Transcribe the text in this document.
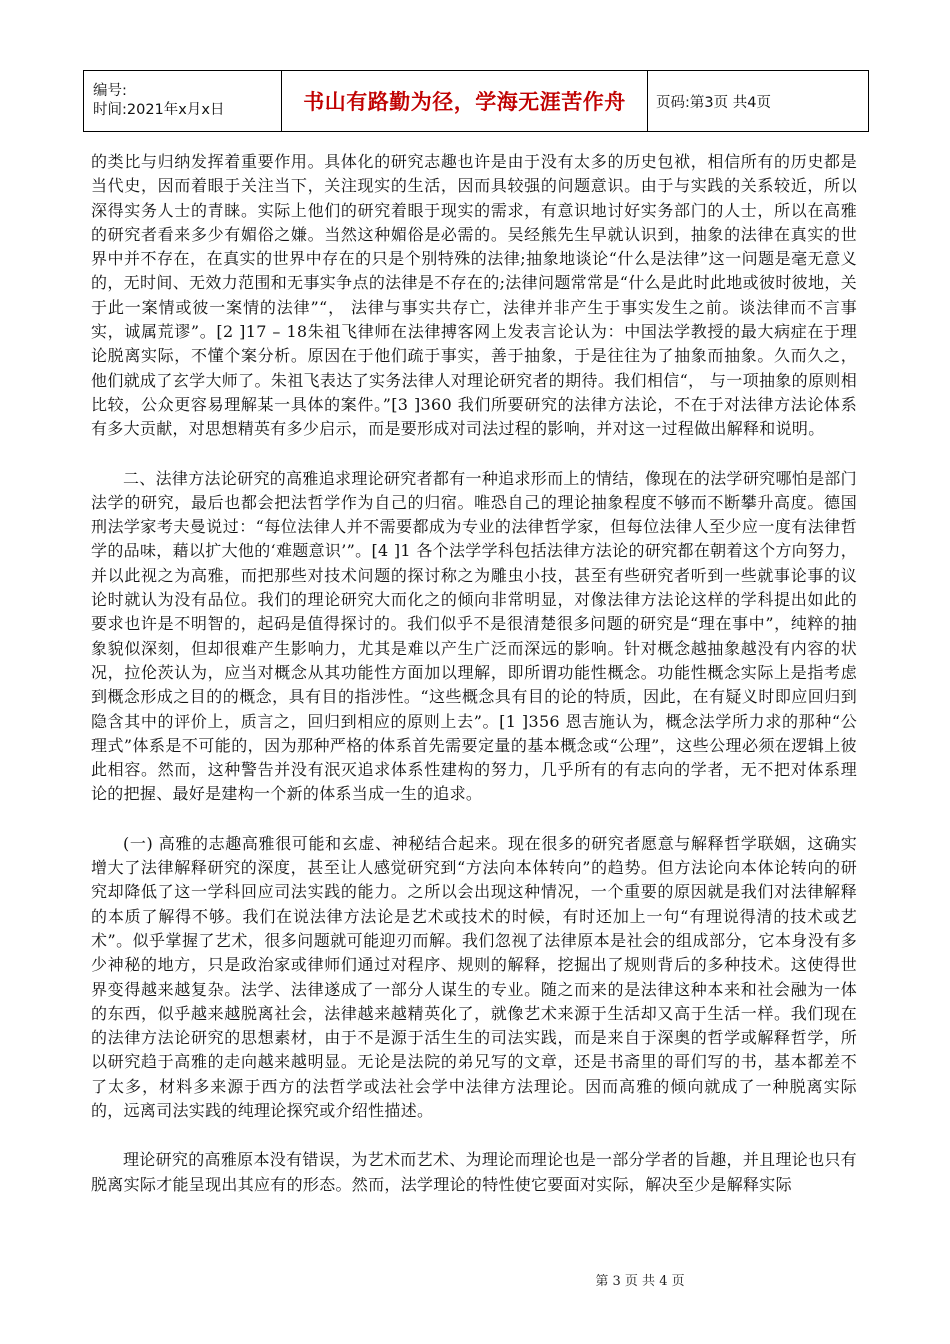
编号:
时间:2021年x月x日	书山有路勤为径，学海无涯苦作舟	页码:第3页 共4页

的类比与归纳发挥着重要作用。具体化的研究志趣也许是由于没有太多的历史包袱，相信所有的历史都是当代史，因而着眼于关注当下，关注现实的生活，因而具较强的问题意识。由于与实践的关系较近，所以深得实务人士的青睐。实际上他们的研究着眼于现实的需求，有意识地讨好实务部门的人士，所以在高雅的研究者看来多少有媚俗之嫌。当然这种媚俗是必需的。吴经熊先生早就认识到，抽象的法律在真实的世界中并不存在，在真实的世界中存在的只是个别特殊的法律;抽象地谈论“什么是法律”这一问题是毫无意义的，无时间、无效力范围和无事实争点的法律是不存在的;法律问题常常是“什么是此时此地或彼时彼地，关于此一案情或彼一案情的法律”“， 法律与事实共存亡，法律并非产生于事实发生之前。谈法律而不言事实，诚属荒谬”。[2 ]17 – 18朱祖飞律师在法律搏客网上发表言论认为：中国法学教授的最大病症在于理论脱离实际，不懂个案分析。原因在于他们疏于事实，善于抽象，于是往往为了抽象而抽象。久而久之，他们就成了玄学大师了。朱祖飞表达了实务法律人对理论研究者的期待。我们相信“， 与一项抽象的原则相比较，公众更容易理解某一具体的案件。”[3 ]360 我们所要研究的法律方法论，不在于对法律方法论体系有多大贡献，对思想精英有多少启示，而是要形成对司法过程的影响，并对这一过程做出解释和说明。

二、法律方法论研究的高雅追求理论研究者都有一种追求形而上的情结，像现在的法学研究哪怕是部门法学的研究，最后也都会把法哲学作为自己的归宿。唯恐自己的理论抽象程度不够而不断攀升高度。德国刑法学家考夫曼说过：“每位法律人并不需要都成为专业的法律哲学家，但每位法律人至少应一度有法律哲学的品味，藉以扩大他的‘难题意识’”。[4 ]1 各个法学学科包括法律方法论的研究都在朝着这个方向努力，并以此视之为高雅，而把那些对技术问题的探讨称之为雕虫小技，甚至有些研究者听到一些就事论事的议论时就认为没有品位。我们的理论研究大而化之的倾向非常明显，对像法律方法论这样的学科提出如此的要求也许是不明智的，起码是值得探讨的。我们似乎不是很清楚很多问题的研究是“理在事中”，纯粹的抽象貌似深刻，但却很难产生影响力，尤其是难以产生广泛而深远的影响。针对概念越抽象越没有内容的状况，拉伦茨认为，应当对概念从其功能性方面加以理解，即所谓功能性概念。功能性概念实际上是指考虑到概念形成之目的的概念，具有目的指涉性。“这些概念具有目的论的特质，因此，在有疑义时即应回归到隐含其中的评价上，质言之，回归到相应的原则上去”。[1 ]356 恩吉施认为，概念法学所力求的那种“公理式”体系是不可能的，因为那种严格的体系首先需要定量的基本概念或“公理”，这些公理必须在逻辑上彼此相容。然而，这种警告并没有泯灭追求体系性建构的努力，几乎所有的有志向的学者，无不把对体系理论的把握、最好是建构一个新的体系当成一生的追求。

(一) 高雅的志趣高雅很可能和玄虚、神秘结合起来。现在很多的研究者愿意与解释哲学联姻，这确实增大了法律解释研究的深度，甚至让人感觉研究到“方法向本体转向”的趋势。但方法论向本体论转向的研究却降低了这一学科回应司法实践的能力。之所以会出现这种情况，一个重要的原因就是我们对法律解释的本质了解得不够。我们在说法律方法论是艺术或技术的时候，有时还加上一句“有理说得清的技术或艺术”。似乎掌握了艺术，很多问题就可能迎刃而解。我们忽视了法律原本是社会的组成部分，它本身没有多少神秘的地方，只是政治家或律师们通过对程序、规则的解释，挖掘出了规则背后的多种技术。这使得世界变得越来越复杂。法学、法律遂成了一部分人谋生的专业。随之而来的是法律这种本来和社会融为一体的东西，似乎越来越脱离社会，法律越来越精英化了，就像艺术来源于生活却又高于生活一样。我们现在的法律方法论研究的思想素材，由于不是源于活生生的司法实践，而是来自于深奥的哲学或解释哲学，所以研究趋于高雅的走向越来越明显。无论是法院的弟兄写的文章，还是书斋里的哥们写的书，基本都差不了太多，材料多来源于西方的法哲学或法社会学中法律方法理论。因而高雅的倾向就成了一种脱离实际的，远离司法实践的纯理论探究或介绍性描述。

理论研究的高雅原本没有错误，为艺术而艺术、为理论而理论也是一部分学者的旨趣，并且理论也只有脱离实际才能呈现出其应有的形态。然而，法学理论的特性使它要面对实际，解决至少是解释实际

第 3 页 共 4 页
